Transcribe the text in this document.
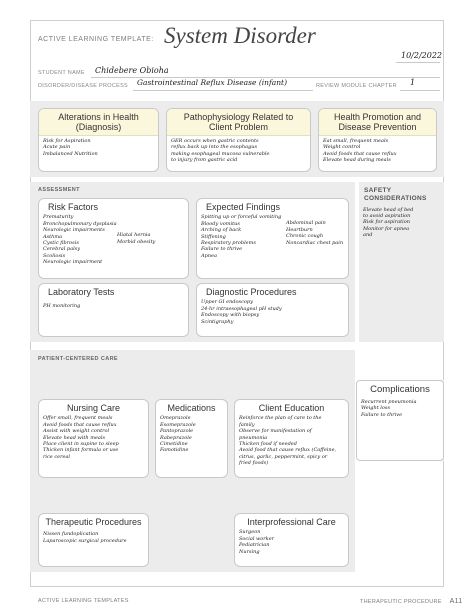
ACTIVE LEARNING TEMPLATE: System Disorder
10/2/2022
STUDENT NAME Chidebere Obioha
DISORDER/DISEASE PROCESS Gastrointestinal Reflux Disease (infant)	REVIEW MODULE CHAPTER 1
Alterations in Health (Diagnosis)
Risk for Aspiration
Acute pain
Imbalanced Nutrition
Pathophysiology Related to Client Problem
GER occurs when gastric contents
reflux back up into the esophagus
making esophageal mucosa vulnerable
to injury from gastric acid
Health Promotion and Disease Prevention
Eat small, frequent meals
Weight control
Avoid foods that cause reflux
Elevate head during meals
ASSESSMENT
Risk Factors
Prematurity
Bronchopulmonary dysplasia
Neurologic impairments
Asthma
Cystic fibrosis
Cerebral palsy
Scoliosis
Neurologic impairment
Hiatal hernia
Morbid obesity
Expected Findings
Spitting up or forceful vomiting
Bloody vomitus
Arching of back
Stiffening
Respiratory problems
Failure to thrive
Apnea
Abdominal pain
Heartburn
Chronic cough
Noncardiac chest pain
Laboratory Tests
PH monitoring
Diagnostic Procedures
Upper GI endoscopy
24-hr intraesophageal pH study
Endoscopy with biopsy
Scintigraphy
SAFETY CONSIDERATIONS
Elevate head of bed
to avoid aspiration
Risk for aspiration
Monitor for apnea
and
PATIENT-CENTERED CARE
Nursing Care
Offer small, frequent meals
Avoid foods that cause reflux
Assist with weight control
Elevate head with meals
Place client in supine to sleep
Thicken infant formula or use
rice cereal
Medications
Omeprazole
Esomeprazole
Pantoprazole
Rabeprazole
Cimetidine
Famotidine
Client Education
Reinforce the plan of care to the
family
Observe for manifestation of
pneumonia
Thicken food if needed
Avoid food that cause reflux (Caffeine,
citrus, garlic, peppermint, spicy or
fried foods)
Therapeutic Procedures
Nissen fundoplication
Laparoscopic surgical procedure
Interprofessional Care
Surgeon
Social worker
Pediatrician
Nursing
Complications
Recurrent pneumonia
Weight loss
Failure to thrive
ACTIVE LEARNING TEMPLATES	THERAPEUTIC PROCEDURE A11
